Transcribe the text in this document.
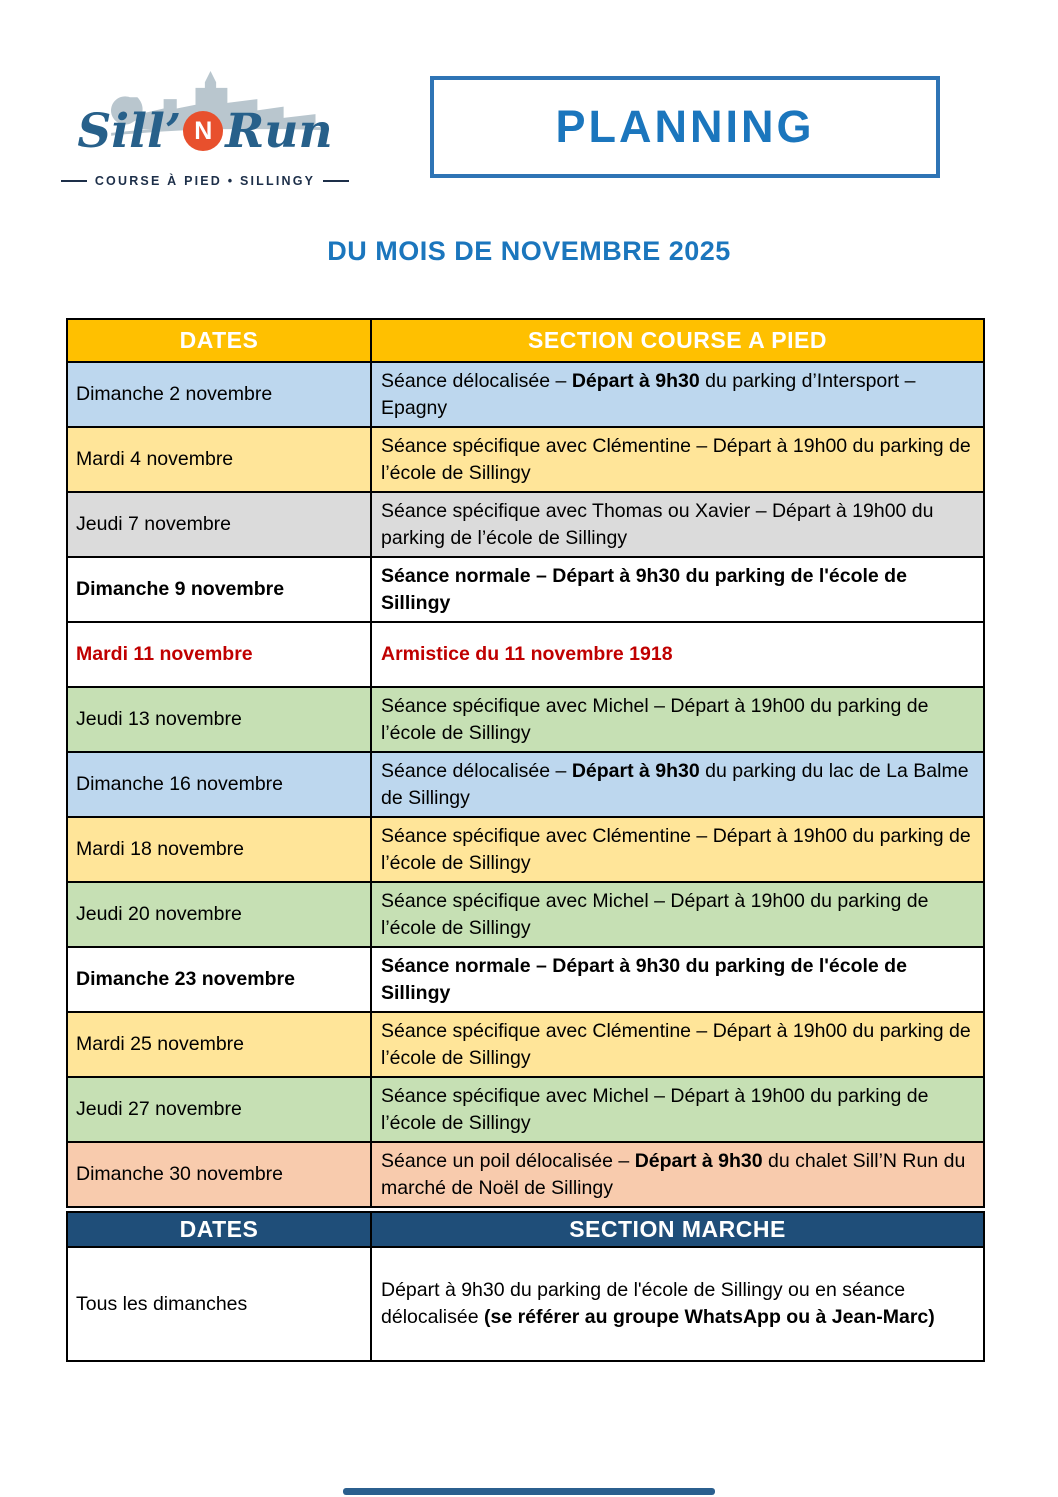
Sill’ N Run
COURSE À PIED • SILLINGY
PLANNING
DU MOIS DE NOVEMBRE 2025
DATES	SECTION COURSE A PIED
Dimanche 2 novembre	Séance délocalisée – Départ à 9h30 du parking d’Intersport – Epagny
Mardi 4 novembre	Séance spécifique avec Clémentine – Départ à 19h00 du parking de l’école de Sillingy
Jeudi 7 novembre	Séance spécifique avec Thomas ou Xavier – Départ à 19h00 du parking de l’école de Sillingy
Dimanche 9 novembre	Séance normale – Départ à 9h30 du parking de l'école de Sillingy
Mardi 11 novembre	Armistice du 11 novembre 1918
Jeudi 13 novembre	Séance spécifique avec Michel – Départ à 19h00 du parking de l’école de Sillingy
Dimanche 16 novembre	Séance délocalisée – Départ à 9h30 du parking du lac de La Balme de Sillingy
Mardi 18 novembre	Séance spécifique avec Clémentine – Départ à 19h00 du parking de l’école de Sillingy
Jeudi 20 novembre	Séance spécifique avec Michel – Départ à 19h00 du parking de l’école de Sillingy
Dimanche 23 novembre	Séance normale – Départ à 9h30 du parking de l'école de Sillingy
Mardi 25 novembre	Séance spécifique avec Clémentine – Départ à 19h00 du parking de l’école de Sillingy
Jeudi 27 novembre	Séance spécifique avec Michel – Départ à 19h00 du parking de l’école de Sillingy
Dimanche 30 novembre	Séance un poil délocalisée – Départ à 9h30 du chalet Sill’N Run du marché de Noël de Sillingy
DATES	SECTION MARCHE
Tous les dimanches	Départ à 9h30 du parking de l'école de Sillingy ou en séance délocalisée (se référer au groupe WhatsApp ou à Jean-Marc)
